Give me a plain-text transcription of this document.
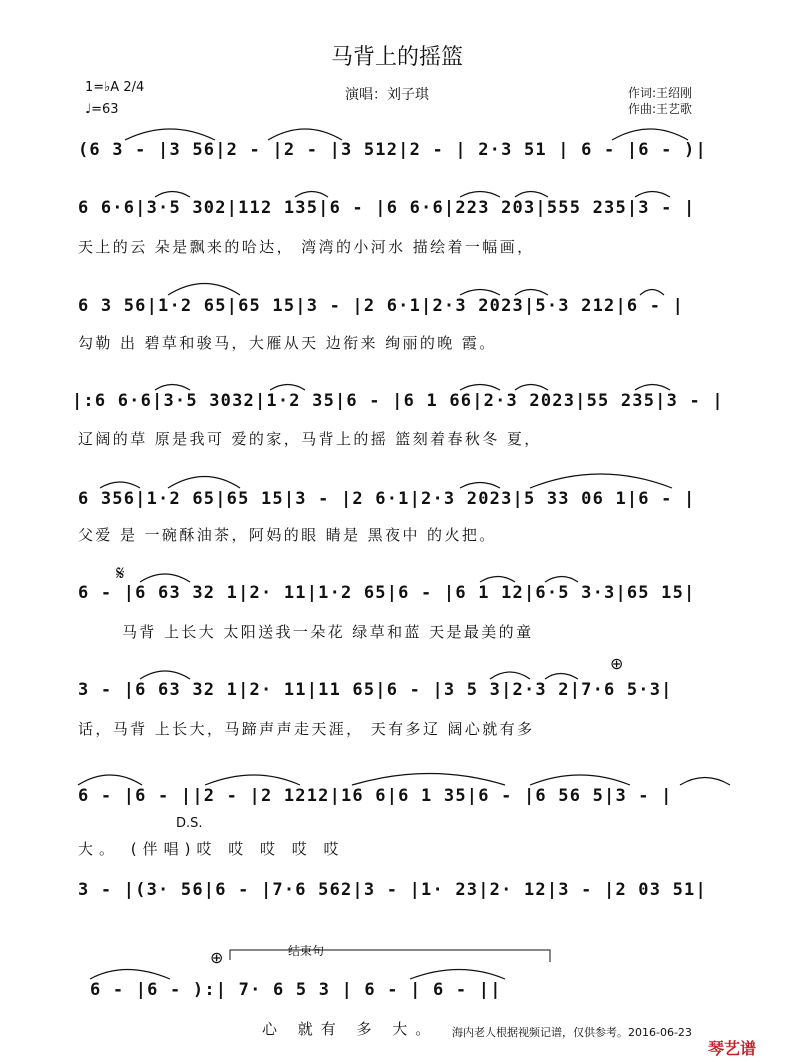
马背上的摇篮
1=♭A 2/4
♩=63
演唱：刘子琪	作词:王绍刚
作曲:王艺歌
(6 3 - |3 56|2 - |2 - |3 512|2 - | 2·3 51 | 6 - |6 - )|
6 6·6|3·5 302|112 135|6 - |6 6·6|223 203|555 235|3 - |
天上的云 朵是飘来的哈达， 湾湾的小河水 描绘着一幅画，
6 3 56|1·2 65|65 15|3 - |2 6·1|2·3 2023|5·3 212|6 - |
勾勒 出 碧草和骏马，大雁从天 边衔来 绚丽的晚 霞。
|:6 6·6|3·5 3032|1·2 35|6 - |6 1 66|2·3 2023|55 235|3 - |
辽阔的草 原是我可 爱的家，马背上的摇 篮刻着春秋冬 夏，
6 356|1·2 65|65 15|3 - |2 6·1|2·3 2023|5 33 06 1|6 - |
父爱 是 一碗酥油茶，阿妈的眼 睛是 黑夜中 的火把。
𝄋
6 - |6 63 32 1|2· 11|1·2 65|6 - |6 1 12|6·5 3·3|65 15|
马背 上长大 太阳送我一朵花 绿草和蓝 天是最美的童
⊕
3 - |6 63 32 1|2· 11|11 65|6 - |3 5 3|2·3 2|7·6 5·3|
话，马背 上长大，马蹄声声走天涯， 天有多辽 阔心就有多
6 - |6 - ||2 - |2 1212|16 6|6 1 35|6 - |6 56 5|3 - |
D.S.
大。 (伴唱)哎 哎 哎 哎 哎
3 - |(3· 56|6 - |7·6 562|3 - |1· 23|2· 12|3 - |2 03 51|
⊕	结束句
6 - |6 - ):| 7· 6 5 3 | 6 - | 6 - ||
心 就有 多 大。 海内老人根据视频记谱，仅供参考。2016-06-23
琴艺谱
